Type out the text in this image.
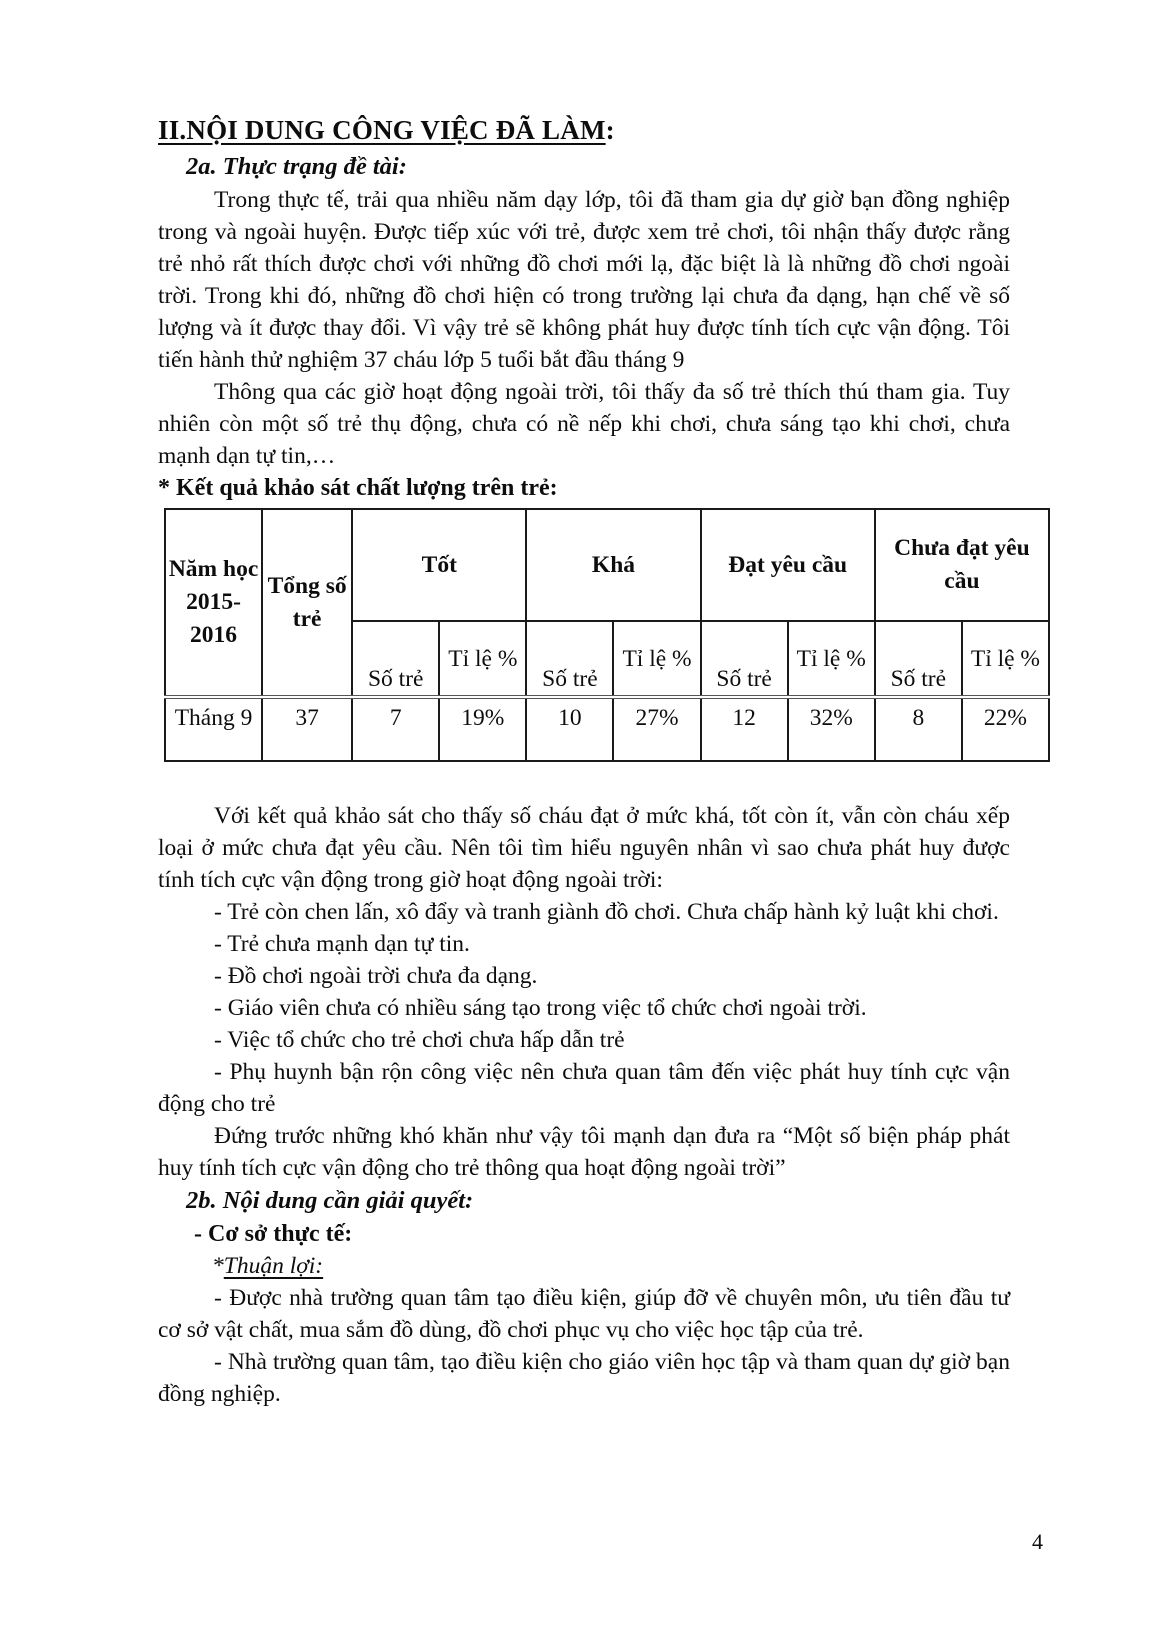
II.NỘI DUNG CÔNG VIỆC ĐÃ LÀM:

2a. Thực trạng đề tài:

Trong thực tế, trải qua nhiều năm dạy lớp, tôi đã tham gia dự giờ bạn đồng nghiệp trong và ngoài huyện. Được tiếp xúc với trẻ, được xem trẻ chơi, tôi nhận thấy được rằng trẻ nhỏ rất thích được chơi với những đồ chơi mới lạ, đặc biệt là là những đồ chơi ngoài trời. Trong khi đó, những đồ chơi hiện có trong trường lại chưa đa dạng, hạn chế về số lượng và ít được thay đổi. Vì vậy trẻ sẽ không phát huy được tính tích cực vận động. Tôi tiến hành thử nghiệm 37 cháu lớp 5 tuổi bắt đầu tháng 9

Thông qua các giờ hoạt động ngoài trời, tôi thấy đa số trẻ thích thú tham gia. Tuy nhiên còn một số trẻ thụ động, chưa có nề nếp khi chơi, chưa sáng tạo khi chơi, chưa mạnh dạn tự tin,…

* Kết quả khảo sát chất lượng trên trẻ:

Năm học 2015-2016	Tổng số trẻ	Tốt		Khá		Đạt yêu cầu		Chưa đạt yêu cầu	
		Số trẻ	Tỉ lệ %	Số trẻ	Tỉ lệ %	Số trẻ	Tỉ lệ %	Số trẻ	Tỉ lệ %
Tháng 9	37	7	19%	10	27%	12	32%	8	22%

Với kết quả khảo sát cho thấy số cháu đạt ở mức khá, tốt còn ít, vẫn còn cháu xếp loại ở mức chưa đạt yêu cầu. Nên tôi tìm hiểu nguyên nhân vì sao chưa phát huy được tính tích cực vận động trong giờ hoạt động ngoài trời:

- Trẻ còn chen lấn, xô đẩy và tranh giành đồ chơi. Chưa chấp hành kỷ luật khi chơi.

- Trẻ chưa mạnh dạn tự tin.

- Đồ chơi ngoài trời chưa đa dạng.

- Giáo viên chưa có nhiều sáng tạo trong việc tổ chức chơi ngoài trời.

- Việc tổ chức cho trẻ chơi chưa hấp dẫn trẻ

- Phụ huynh bận rộn công việc nên chưa quan tâm đến việc phát huy tính cực vận động cho trẻ

Đứng trước những khó khăn như vậy tôi mạnh dạn đưa ra “Một số biện pháp phát huy tính tích cực vận động cho trẻ thông qua hoạt động ngoài trời”

2b. Nội dung cần giải quyết:

- Cơ sở thực tế:

*Thuận lợi:

- Được nhà trường quan tâm tạo điều kiện, giúp đỡ về chuyên môn, ưu tiên đầu tư cơ sở vật chất, mua sắm đồ dùng, đồ chơi phục vụ cho việc học tập của trẻ.

- Nhà trường quan tâm, tạo điều kiện cho giáo viên học tập và tham quan dự giờ bạn đồng nghiệp.

4
